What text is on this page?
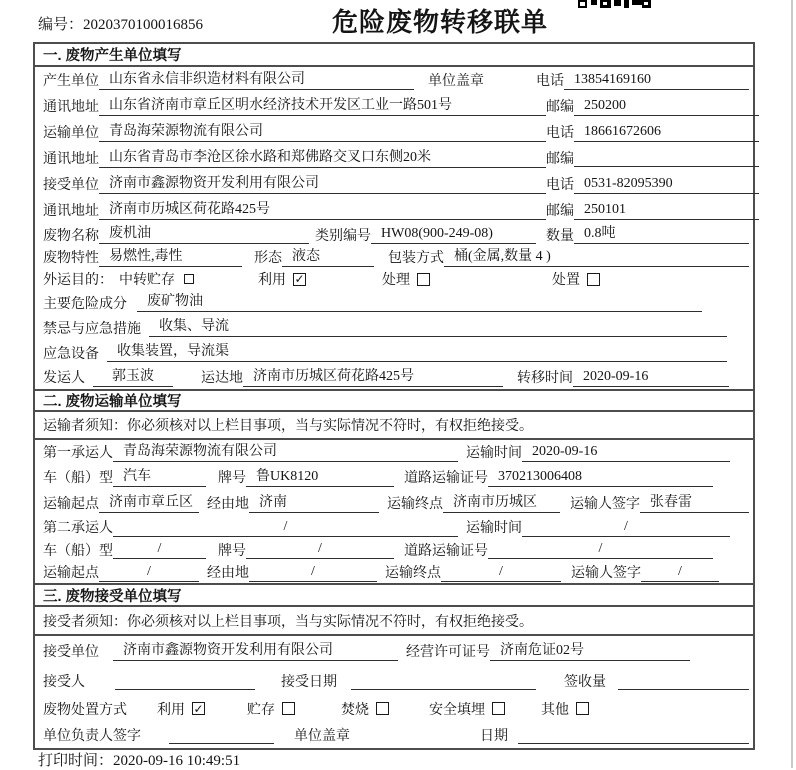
编号：2020370100016856	危险废物转移联单
一. 废物产生单位填写
产生单位 山东省永信非织造材料有限公司	单位盖章	电话 13854169160
通讯地址 山东省济南市章丘区明水经济技术开发区工业一路501号	邮编 250200
运输单位 青岛海荣源物流有限公司	电话 18661672606
通讯地址 山东省青岛市李沧区徐水路和郑佛路交叉口东侧20米	邮编
接受单位 济南市鑫源物资开发利用有限公司	电话 0531-82095390
通讯地址 济南市历城区荷花路425号	邮编 250101
废物名称 废机油	类别编号 HW08(900-249-08)	数量 0.8吨
废物特性 易燃性,毒性	形态 液态	包装方式 桶(金属,数量 4 )
外运目的： 中转贮存	利用 ✓	处理	处置
主要危险成分	废矿物油
禁忌与应急措施	收集、导流
应急设备	收集装置，导流渠
发运人	郭玉波	运达地 济南市历城区荷花路425号	转移时间 2020-09-16
二. 废物运输单位填写
运输者须知： 你必须核对以上栏目事项，当与实际情况不符时，有权拒绝接受。
第一承运人 青岛海荣源物流有限公司	运输时间 2020-09-16
车（船）型 汽车	牌号 鲁UK8120	道路运输证号 370213006408
运输起点 济南市章丘区	经由地 济南	运输终点 济南市历城区	运输人签字 张春雷
第二承运人	/	运输时间	/
车（船）型	/	牌号	/	道路运输证号	/
运输起点	/	经由地	/	运输终点	/	运输人签字	/
三. 废物接受单位填写
接受者须知： 你必须核对以上栏目事项，当与实际情况不符时，有权拒绝接受。
接受单位	济南市鑫源物资开发利用有限公司	经营许可证号 济南危证02号
接受人	接受日期	签收量
废物处置方式 利用 ✓	贮存	焚烧	安全填埋	其他
单位负责人签字	单位盖章	日期
打印时间：2020-09-16 10:49:51
